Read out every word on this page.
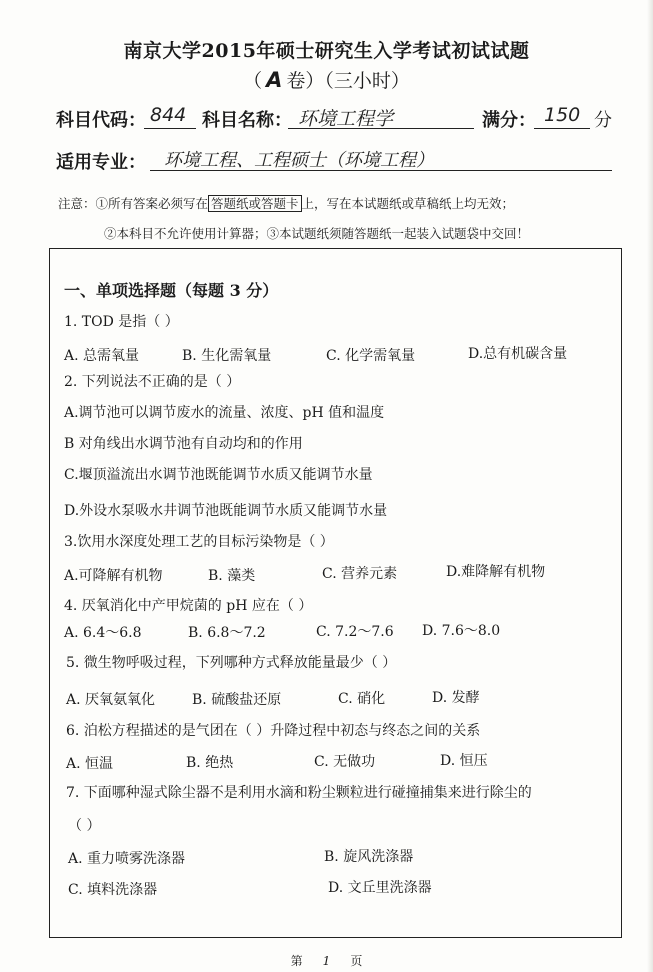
南京大学2015年硕士研究生入学考试初试试题
（ A 卷）（三小时）
科目代码： 844 科目名称： 环境工程学	满分： 150 分
适用专业： 环境工程、工程硕士（环境工程）
注意：①所有答案必须写在 答题纸或答题卡 上，写在本试题纸或草稿纸上均无效；
②本科目不允许使用计算器；③本试题纸须随答题纸一起装入试题袋中交回！
一、单项选择题（每题 3 分）
1. TOD 是指（ ）
A. 总需氧量	B. 生化需氧量	C. 化学需氧量	D.总有机碳含量
2. 下列说法不正确的是（ ）
A.调节池可以调节废水的流量、浓度、pH 值和温度
B 对角线出水调节池有自动均和的作用
C.堰顶溢流出水调节池既能调节水质又能调节水量
D.外设水泵吸水井调节池既能调节水质又能调节水量
3.饮用水深度处理工艺的目标污染物是（ ）
A.可降解有机物	B. 藻类	C. 营养元素	D.难降解有机物
4. 厌氧消化中产甲烷菌的 pH 应在（ ）
A. 6.4～6.8	B. 6.8～7.2	C. 7.2～7.6 D. 7.6～8.0
5. 微生物呼吸过程，下列哪种方式释放能量最少（ ）
A. 厌氧氨氧化	B. 硫酸盐还原	C. 硝化	D. 发酵
6. 泊松方程描述的是气团在（ ）升降过程中初态与终态之间的关系
A. 恒温	B. 绝热	C. 无做功	D. 恒压
7. 下面哪种湿式除尘器不是利用水滴和粉尘颗粒进行碰撞捕集来进行除尘的
（ ）
A. 重力喷雾洗涤器	B. 旋风洗涤器
C. 填料洗涤器	D. 文丘里洗涤器
第 1 页
